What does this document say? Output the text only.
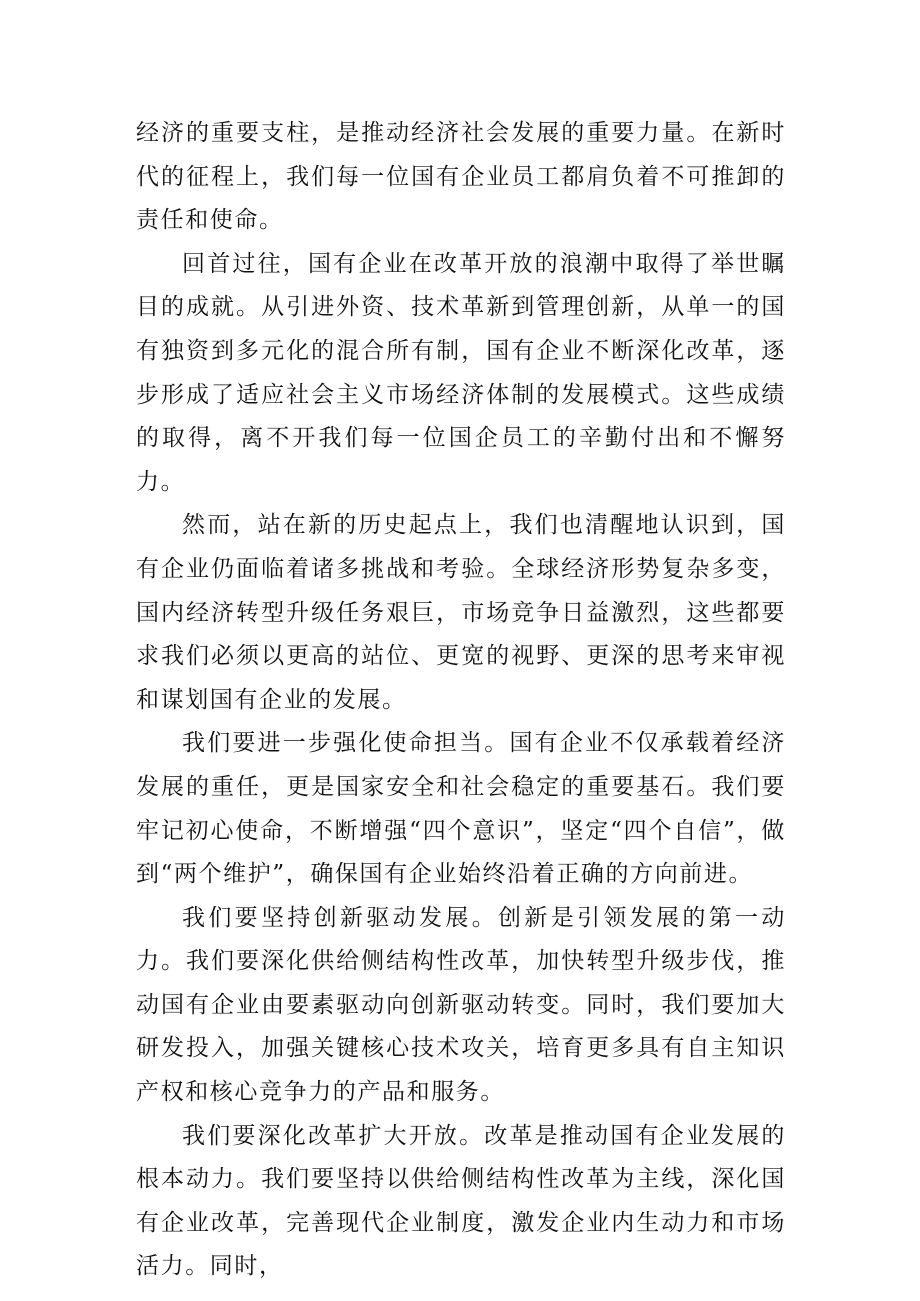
经济的重要支柱，是推动经济社会发展的重要力量。在新时代的征程上，我们每一位国有企业员工都肩负着不可推卸的责任和使命。

回首过往，国有企业在改革开放的浪潮中取得了举世瞩目的成就。从引进外资、技术革新到管理创新，从单一的国有独资到多元化的混合所有制，国有企业不断深化改革，逐步形成了适应社会主义市场经济体制的发展模式。这些成绩的取得，离不开我们每一位国企员工的辛勤付出和不懈努力。

然而，站在新的历史起点上，我们也清醒地认识到，国有企业仍面临着诸多挑战和考验。全球经济形势复杂多变，国内经济转型升级任务艰巨，市场竞争日益激烈，这些都要求我们必须以更高的站位、更宽的视野、更深的思考来审视和谋划国有企业的发展。

我们要进一步强化使命担当。国有企业不仅承载着经济发展的重任，更是国家安全和社会稳定的重要基石。我们要牢记初心使命，不断增强“四个意识”，坚定“四个自信”，做到“两个维护”，确保国有企业始终沿着正确的方向前进。

我们要坚持创新驱动发展。创新是引领发展的第一动力。我们要深化供给侧结构性改革，加快转型升级步伐，推动国有企业由要素驱动向创新驱动转变。同时，我们要加大研发投入，加强关键核心技术攻关，培育更多具有自主知识产权和核心竞争力的产品和服务。

我们要深化改革扩大开放。改革是推动国有企业发展的根本动力。我们要坚持以供给侧结构性改革为主线，深化国有企业改革，完善现代企业制度，激发企业内生动力和市场活力。同时，
